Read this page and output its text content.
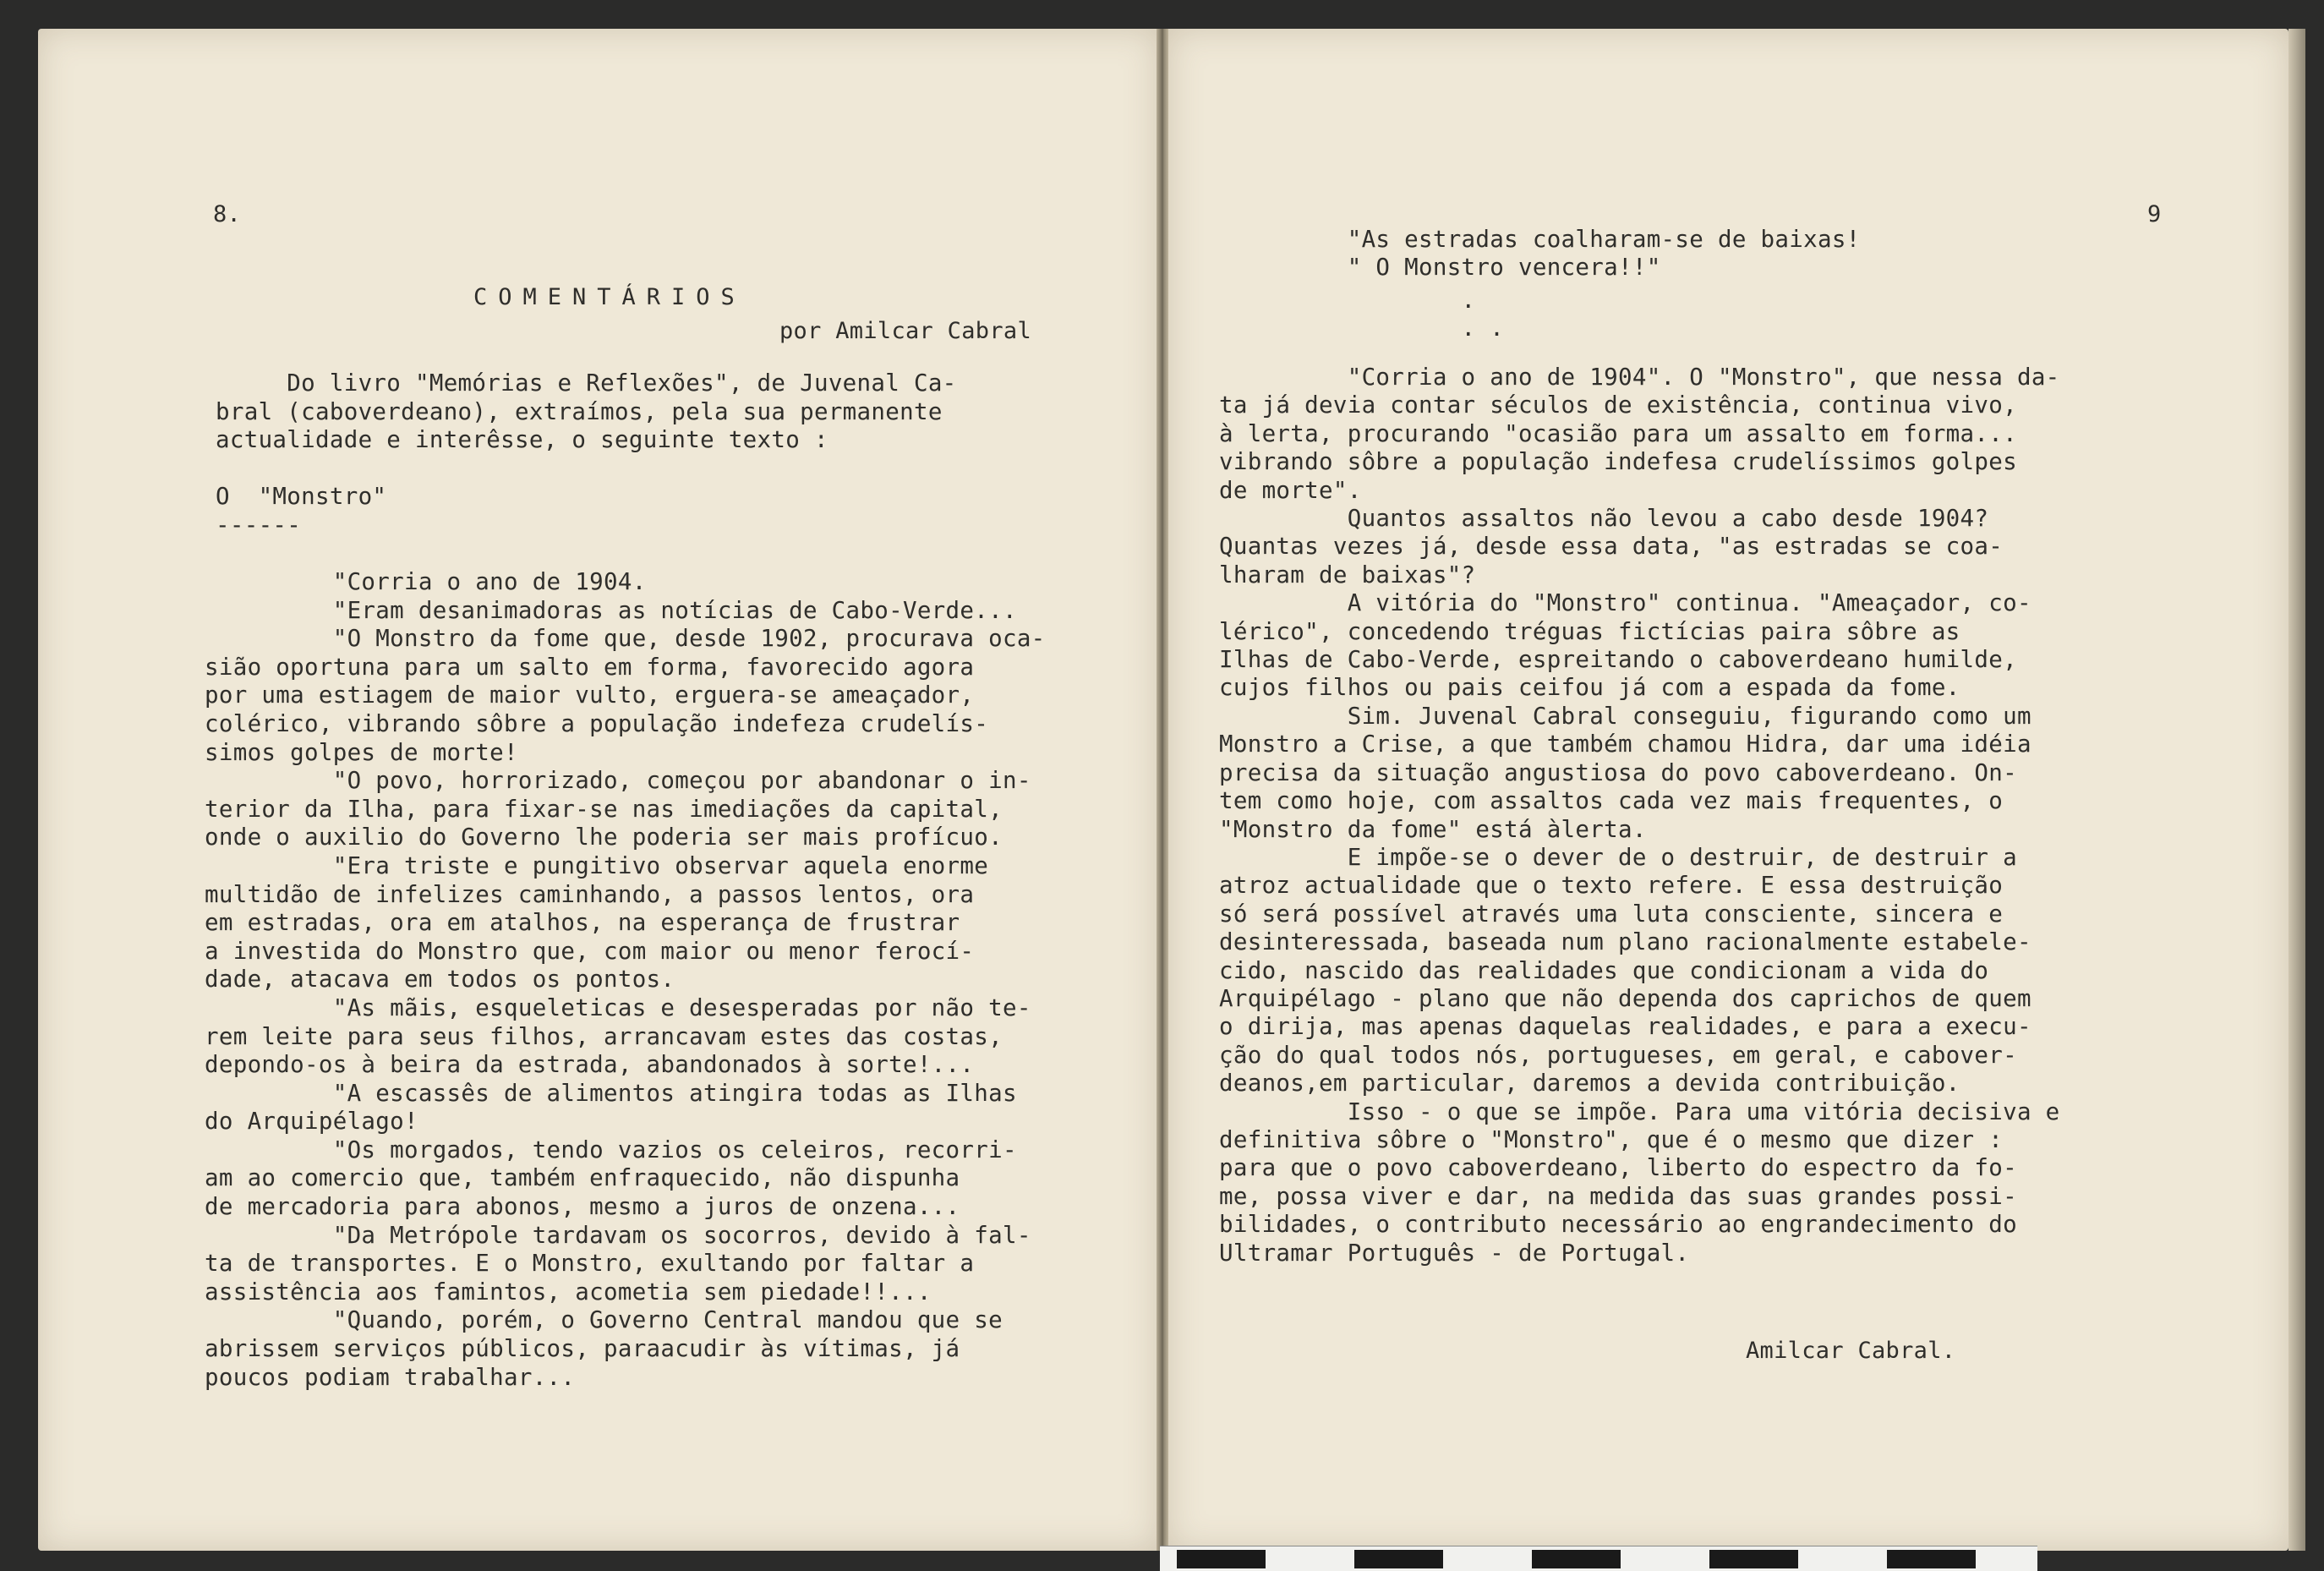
8.
COMENTÁRIOS
por Amilcar Cabral
Do livro "Memórias e Reflexões", de Juvenal Ca-
bral (caboverdeano), extraímos, pela sua permanente
actualidade e interêsse, o seguinte texto :
O  "Monstro"
------
"Corria o ano de 1904.
"Eram desanimadoras as notícias de Cabo-Verde...
"O Monstro da fome que, desde 1902, procurava oca-
sião oportuna para um salto em forma, favorecido agora
por uma estiagem de maior vulto, erguera-se ameaçador,
colérico, vibrando sôbre a população indefeza crudelís-
simos golpes de morte!
"O povo, horrorizado, começou por abandonar o in-
terior da Ilha, para fixar-se nas imediações da capital,
onde o auxilio do Governo lhe poderia ser mais profícuo.
"Era triste e pungitivo observar aquela enorme
multidão de infelizes caminhando, a passos lentos, ora
em estradas, ora em atalhos, na esperança de frustrar
a investida do Monstro que, com maior ou menor ferocí-
dade, atacava em todos os pontos.
"As mãis, esqueleticas e desesperadas por não te-
rem leite para seus filhos, arrancavam estes das costas,
depondo-os à beira da estrada, abandonados à sorte!...
"A escassês de alimentos atingira todas as Ilhas
do Arquipélago!
"Os morgados, tendo vazios os celeiros, recorri-
am ao comercio que, também enfraquecido, não dispunha
de mercadoria para abonos, mesmo a juros de onzena...
"Da Metrópole tardavam os socorros, devido à fal-
ta de transportes. E o Monstro, exultando por faltar a
assistência aos famintos, acometia sem piedade!!...
"Quando, porém, o Governo Central mandou que se
abrissem serviços públicos, paraacudir às vítimas, já
poucos podiam trabalhar...
9
"As estradas coalharam-se de baixas!
" O Monstro vencera!!"
.
. .
"Corria o ano de 1904". O "Monstro", que nessa da-
ta já devia contar séculos de existência, continua vivo,
à lerta, procurando "ocasião para um assalto em forma...
vibrando sôbre a população indefesa crudelíssimos golpes
de morte".
Quantos assaltos não levou a cabo desde 1904?
Quantas vezes já, desde essa data, "as estradas se coa-
lharam de baixas"?
A vitória do "Monstro" continua. "Ameaçador, co-
lérico", concedendo tréguas fictícias paira sôbre as
Ilhas de Cabo-Verde, espreitando o caboverdeano humilde,
cujos filhos ou pais ceifou já com a espada da fome.
Sim. Juvenal Cabral conseguiu, figurando como um
Monstro a Crise, a que também chamou Hidra, dar uma idéia
precisa da situação angustiosa do povo caboverdeano. On-
tem como hoje, com assaltos cada vez mais frequentes, o
"Monstro da fome" está àlerta.
E impõe-se o dever de o destruir, de destruir a
atroz actualidade que o texto refere. E essa destruição
só será possível através uma luta consciente, sincera e
desinteressada, baseada num plano racionalmente estabele-
cido, nascido das realidades que condicionam a vida do
Arquipélago - plano que não dependa dos caprichos de quem
o dirija, mas apenas daquelas realidades, e para a execu-
ção do qual todos nós, portugueses, em geral, e cabover-
deanos,em particular, daremos a devida contribuição.
Isso - o que se impõe. Para uma vitória decisiva e
definitiva sôbre o "Monstro", que é o mesmo que dizer :
para que o povo caboverdeano, liberto do espectro da fo-
me, possa viver e dar, na medida das suas grandes possi-
bilidades, o contributo necessário ao engrandecimento do
Ultramar Português - de Portugal.
Amilcar Cabral.
